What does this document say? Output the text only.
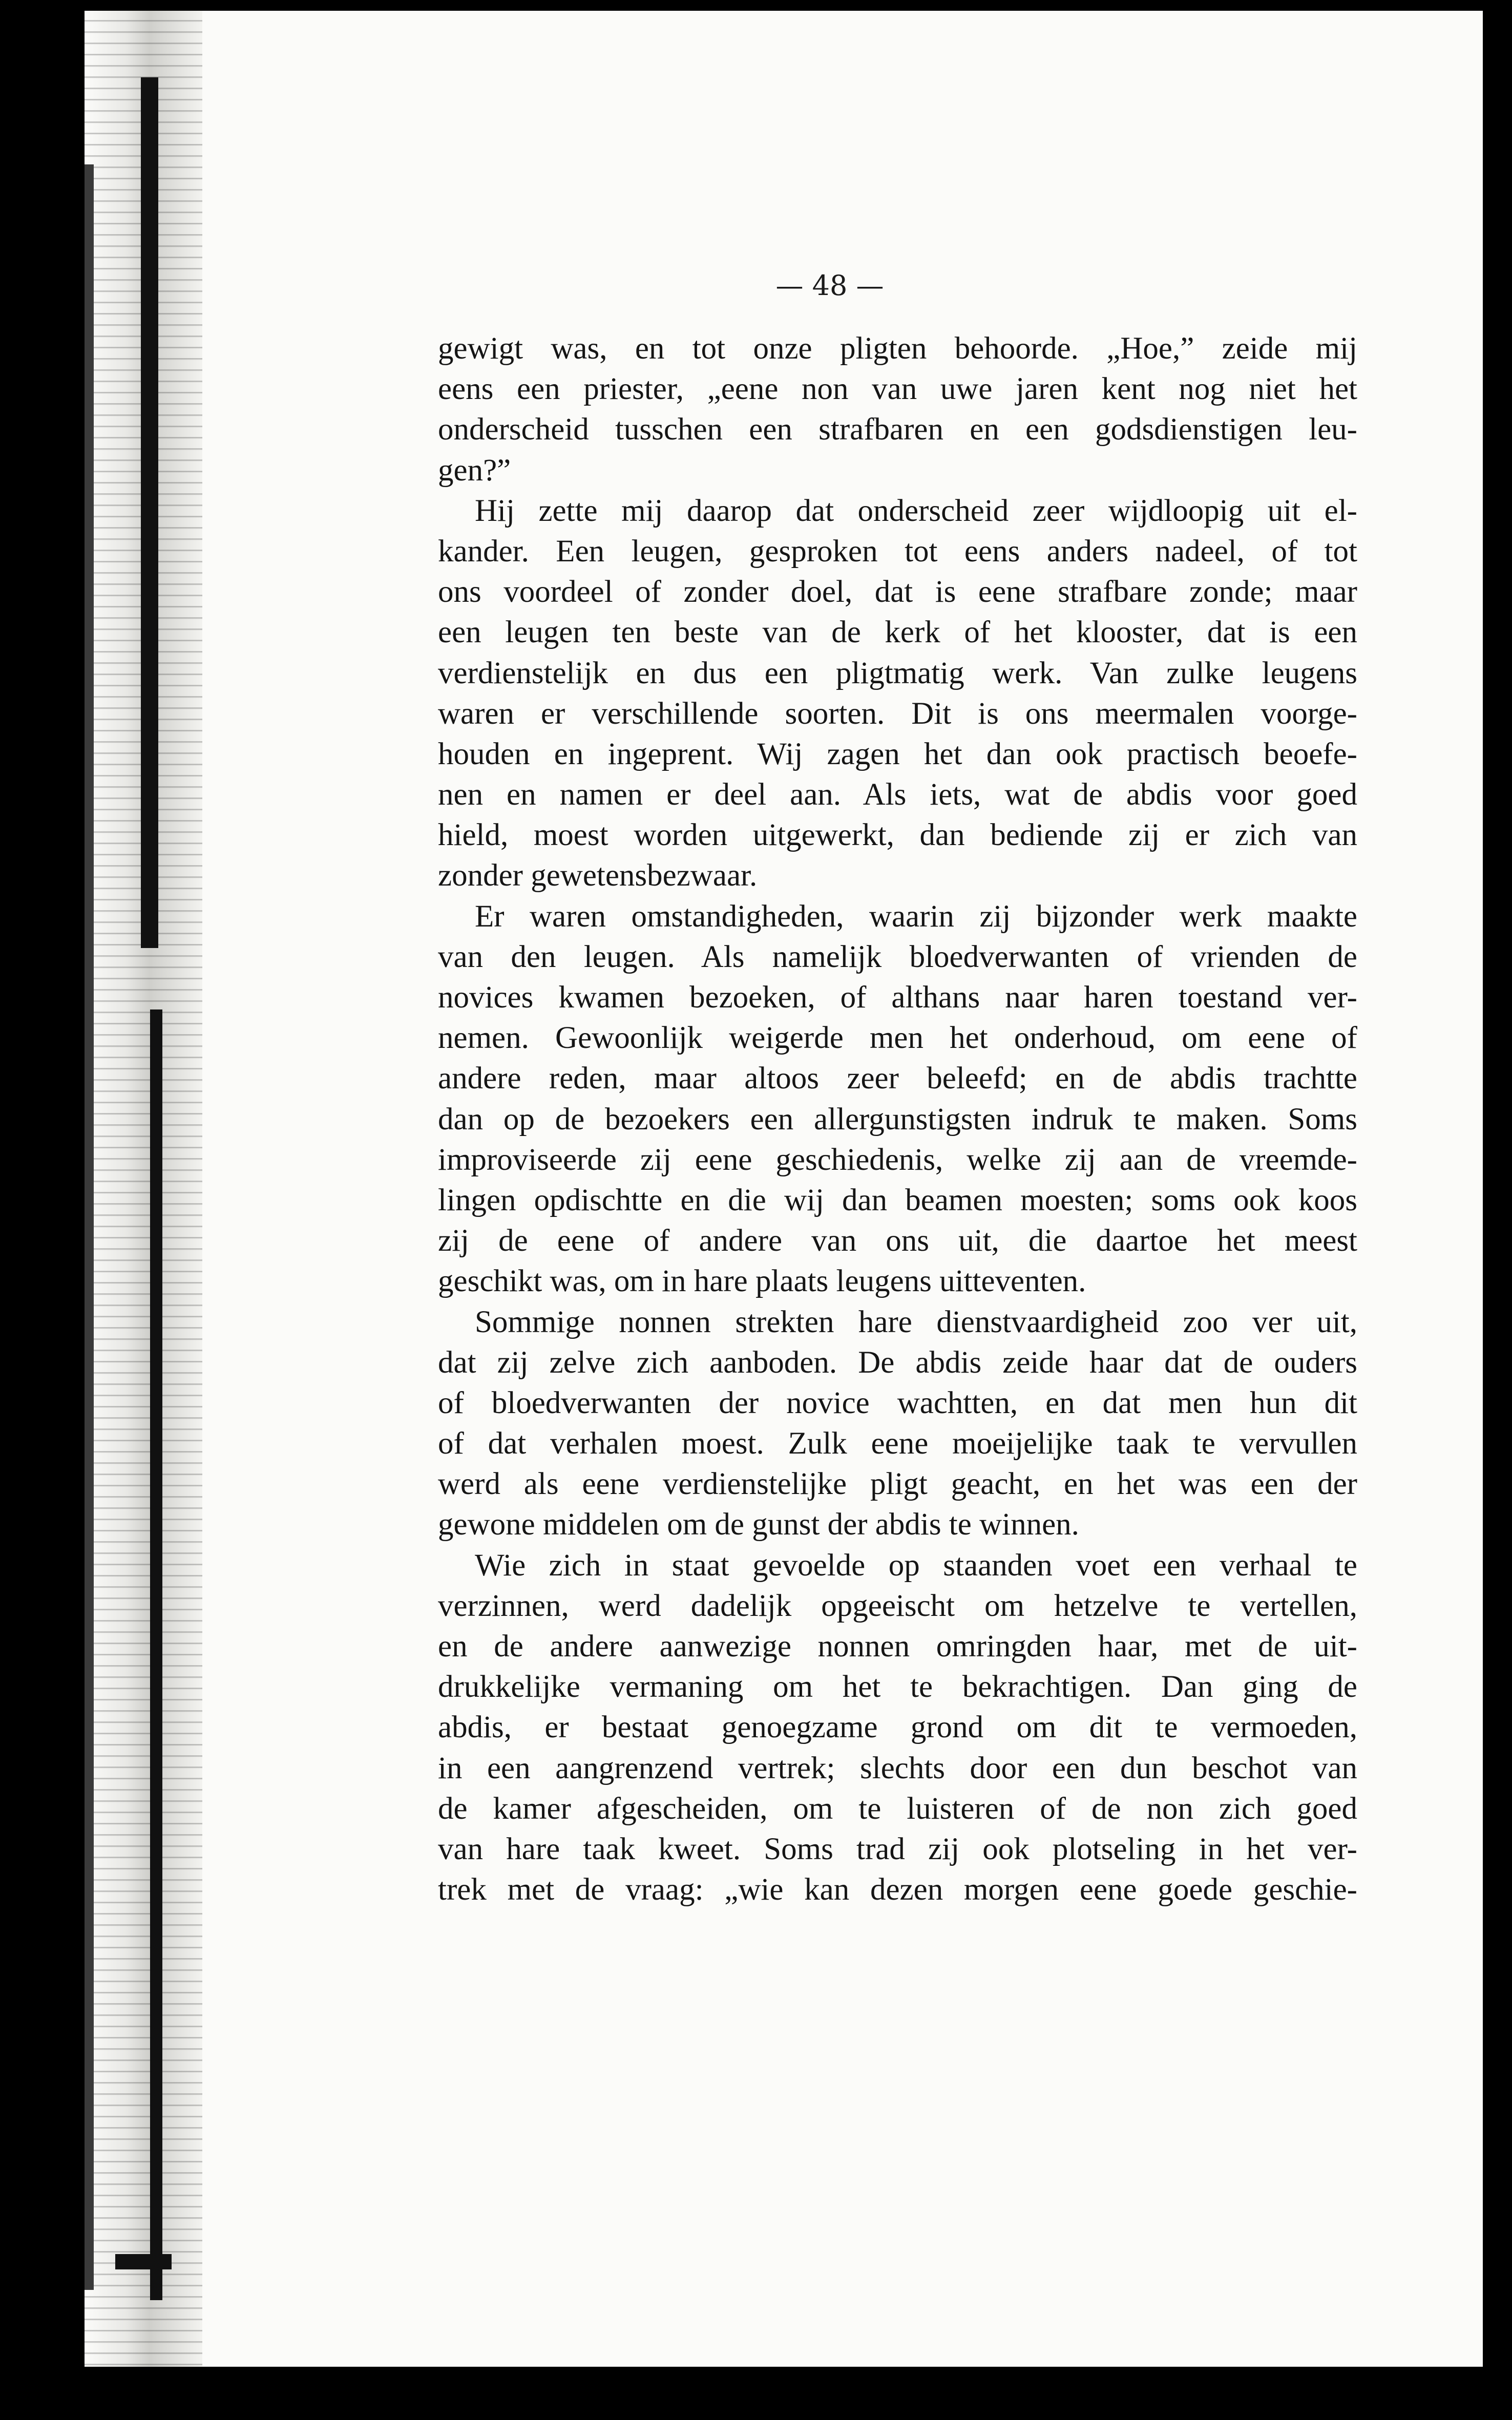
— 48 —
gewigt was, en tot onze pligten behoorde. „Hoe,” zeide mij
eens een priester, „eene non van uwe jaren kent nog niet het
onderscheid tusschen een strafbaren en een godsdienstigen leu-
gen?”
Hij zette mij daarop dat onderscheid zeer wijdloopig uit el-
kander. Een leugen, gesproken tot eens anders nadeel, of tot
ons voordeel of zonder doel, dat is eene strafbare zonde; maar
een leugen ten beste van de kerk of het klooster, dat is een
verdienstelijk en dus een pligtmatig werk. Van zulke leugens
waren er verschillende soorten. Dit is ons meermalen voorge-
houden en ingeprent. Wij zagen het dan ook practisch beoefe-
nen en namen er deel aan. Als iets, wat de abdis voor goed
hield, moest worden uitgewerkt, dan bediende zij er zich van
zonder gewetensbezwaar.
Er waren omstandigheden, waarin zij bijzonder werk maakte
van den leugen. Als namelijk bloedverwanten of vrienden de
novices kwamen bezoeken, of althans naar haren toestand ver-
nemen. Gewoonlijk weigerde men het onderhoud, om eene of
andere reden, maar altoos zeer beleefd; en de abdis trachtte
dan op de bezoekers een allergunstigsten indruk te maken. Soms
improviseerde zij eene geschiedenis, welke zij aan de vreemde-
lingen opdischtte en die wij dan beamen moesten; soms ook koos
zij de eene of andere van ons uit, die daartoe het meest
geschikt was, om in hare plaats leugens uitteventen.
Sommige nonnen strekten hare dienstvaardigheid zoo ver uit,
dat zij zelve zich aanboden. De abdis zeide haar dat de ouders
of bloedverwanten der novice wachtten, en dat men hun dit
of dat verhalen moest. Zulk eene moeijelijke taak te vervullen
werd als eene verdienstelijke pligt geacht, en het was een der
gewone middelen om de gunst der abdis te winnen.
Wie zich in staat gevoelde op staanden voet een verhaal te
verzinnen, werd dadelijk opgeeischt om hetzelve te vertellen,
en de andere aanwezige nonnen omringden haar, met de uit-
drukkelijke vermaning om het te bekrachtigen. Dan ging de
abdis, er bestaat genoegzame grond om dit te vermoeden,
in een aangrenzend vertrek; slechts door een dun beschot van
de kamer afgescheiden, om te luisteren of de non zich goed
van hare taak kweet. Soms trad zij ook plotseling in het ver-
trek met de vraag: „wie kan dezen morgen eene goede geschie-
